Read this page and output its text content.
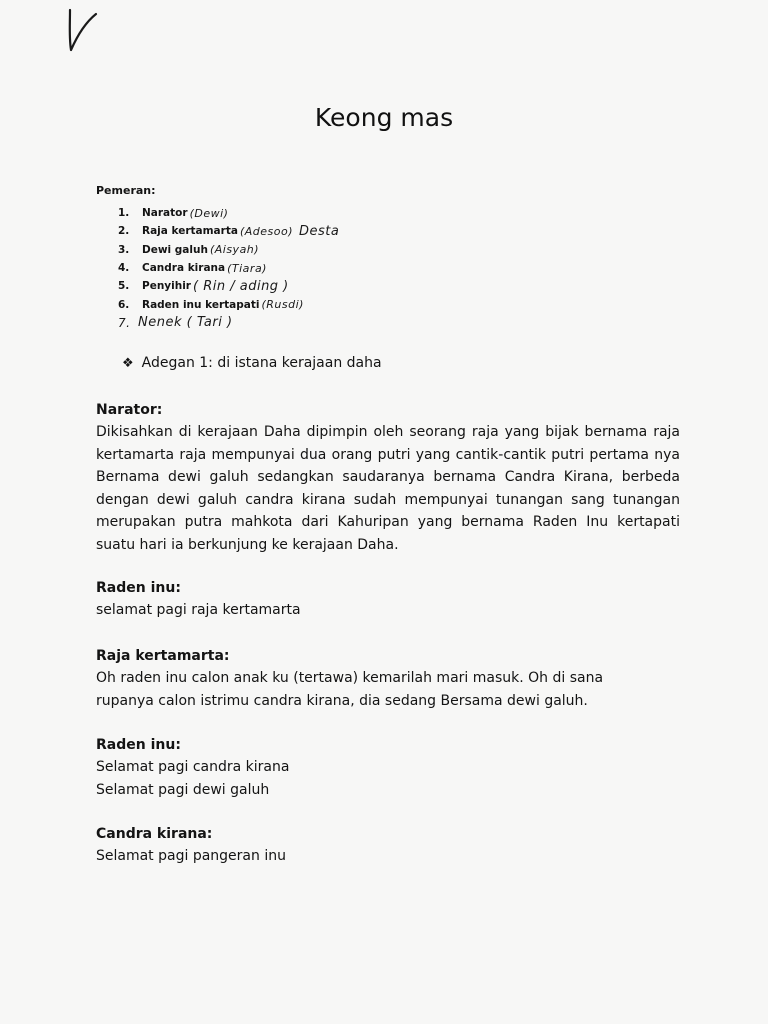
Keong mas
Pemeran:
1.	Narator (Dewi)
2.	Raja kertamarta (Adesoo) Desta
3.	Dewi galuh (Aisyah)
4.	Candra kirana (Tiara)
5.	Penyihir ( Rin / ading )
6.	Raden inu kertapati (Rusdi)
7. Nenek ( Tari )
❖ Adegan 1: di istana kerajaan daha
Narator:
Dikisahkan di kerajaan Daha dipimpin oleh seorang raja yang bijak bernama raja kertamarta raja mempunyai dua orang putri yang cantik-cantik putri pertama nya Bernama dewi galuh sedangkan saudaranya bernama Candra Kirana, berbeda dengan dewi galuh candra kirana sudah mempunyai tunangan sang tunangan merupakan putra mahkota dari Kahuripan yang bernama Raden Inu kertapati suatu hari ia berkunjung ke kerajaan Daha.
Raden inu:
selamat pagi raja kertamarta
Raja kertamarta:
Oh raden inu calon anak ku (tertawa) kemarilah mari masuk. Oh di sana rupanya calon istrimu candra kirana, dia sedang Bersama dewi galuh.
Raden inu:
Selamat pagi candra kirana
Selamat pagi dewi galuh
Candra kirana:
Selamat pagi pangeran inu
